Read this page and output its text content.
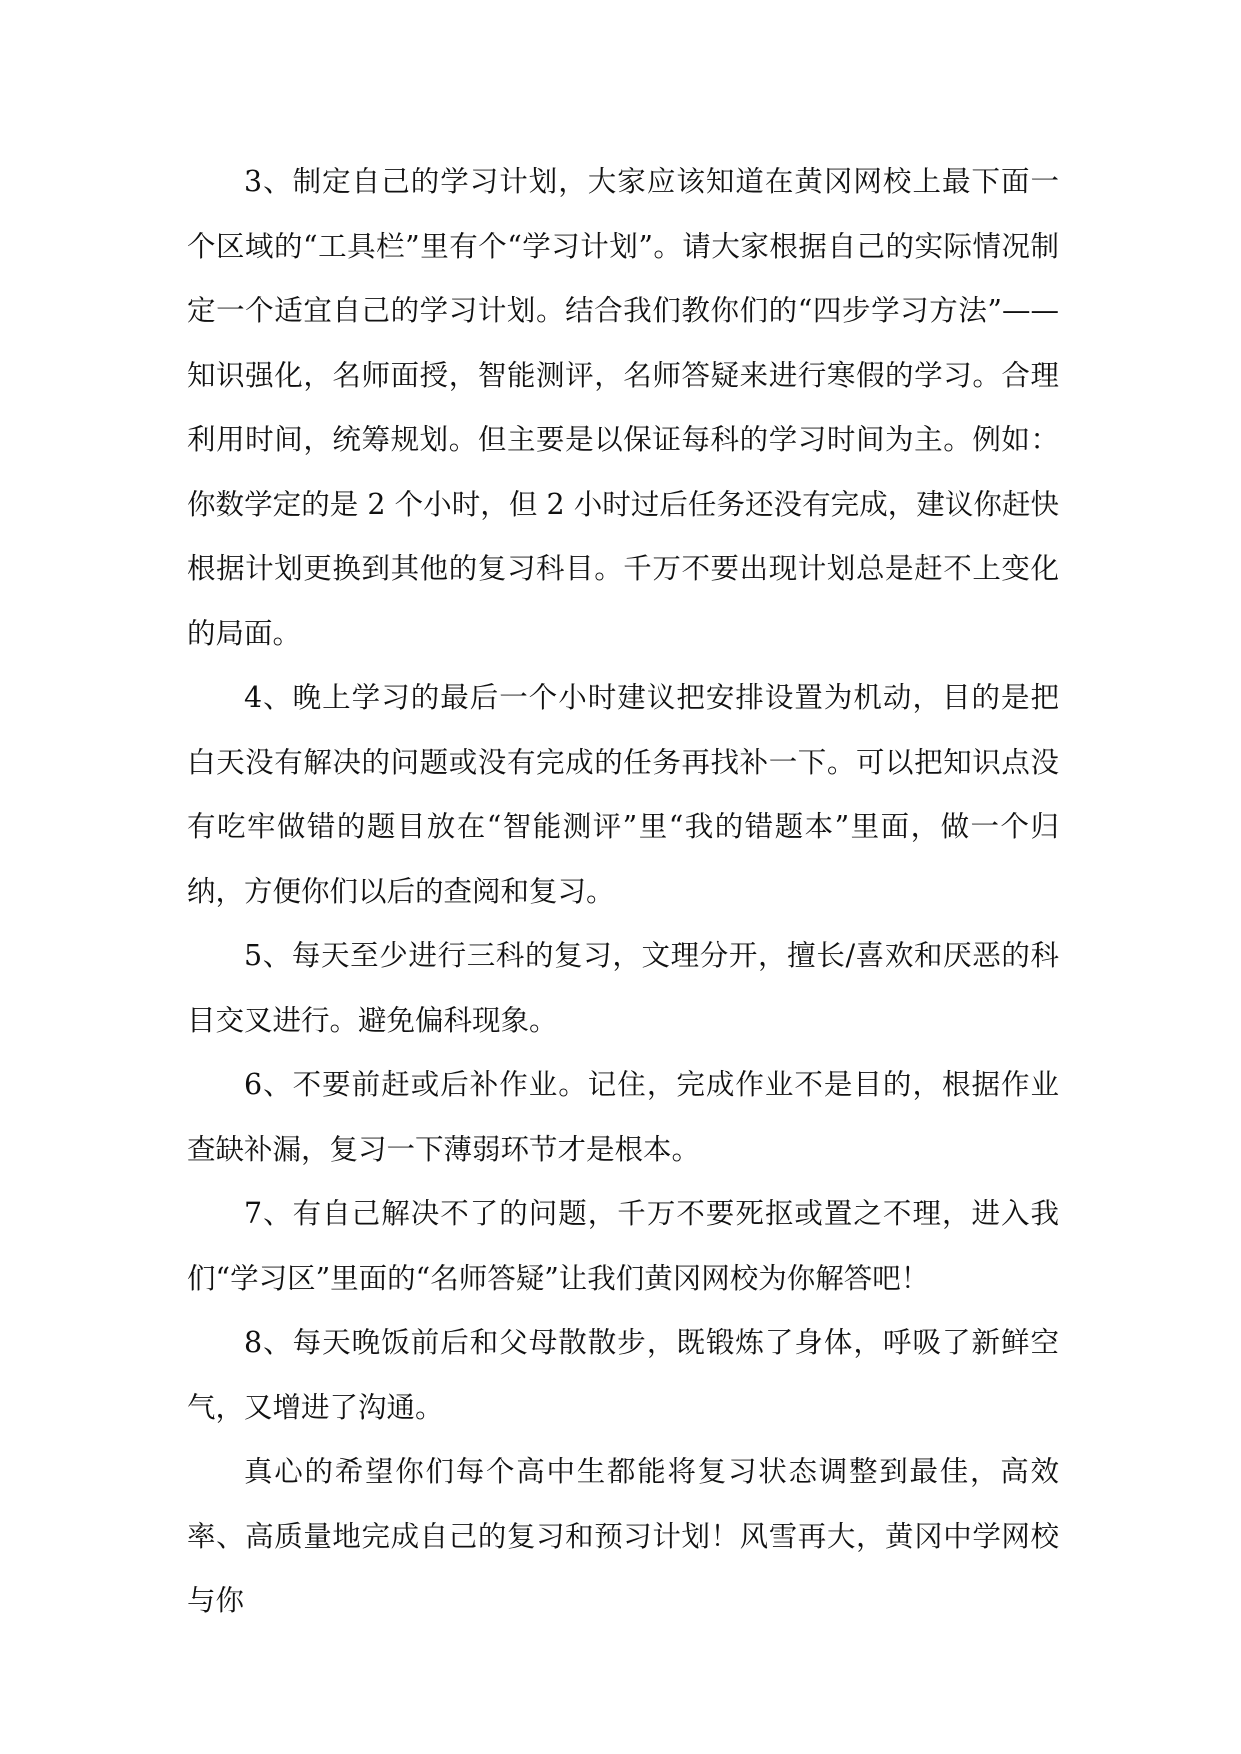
3、制定自己的学习计划，大家应该知道在黄冈网校上最下面一个区域的“工具栏”里有个“学习计划”。请大家根据自己的实际情况制定一个适宜自己的学习计划。结合我们教你们的“四步学习方法”——知识强化，名师面授，智能测评，名师答疑来进行寒假的学习。合理利用时间，统筹规划。但主要是以保证每科的学习时间为主。例如：你数学定的是 2 个小时，但 2 小时过后任务还没有完成，建议你赶快根据计划更换到其他的复习科目。千万不要出现计划总是赶不上变化的局面。

4、晚上学习的最后一个小时建议把安排设置为机动，目的是把白天没有解决的问题或没有完成的任务再找补一下。可以把知识点没有吃牢做错的题目放在“智能测评”里“我的错题本”里面，做一个归纳，方便你们以后的查阅和复习。

5、每天至少进行三科的复习，文理分开，擅长/喜欢和厌恶的科目交叉进行。避免偏科现象。

6、不要前赶或后补作业。记住，完成作业不是目的，根据作业查缺补漏，复习一下薄弱环节才是根本。

7、有自己解决不了的问题，千万不要死抠或置之不理，进入我们“学习区”里面的“名师答疑”让我们黄冈网校为你解答吧！

8、每天晚饭前后和父母散散步，既锻炼了身体，呼吸了新鲜空气，又增进了沟通。

真心的希望你们每个高中生都能将复习状态调整到最佳，高效率、高质量地完成自己的复习和预习计划！风雪再大，黄冈中学网校与你
